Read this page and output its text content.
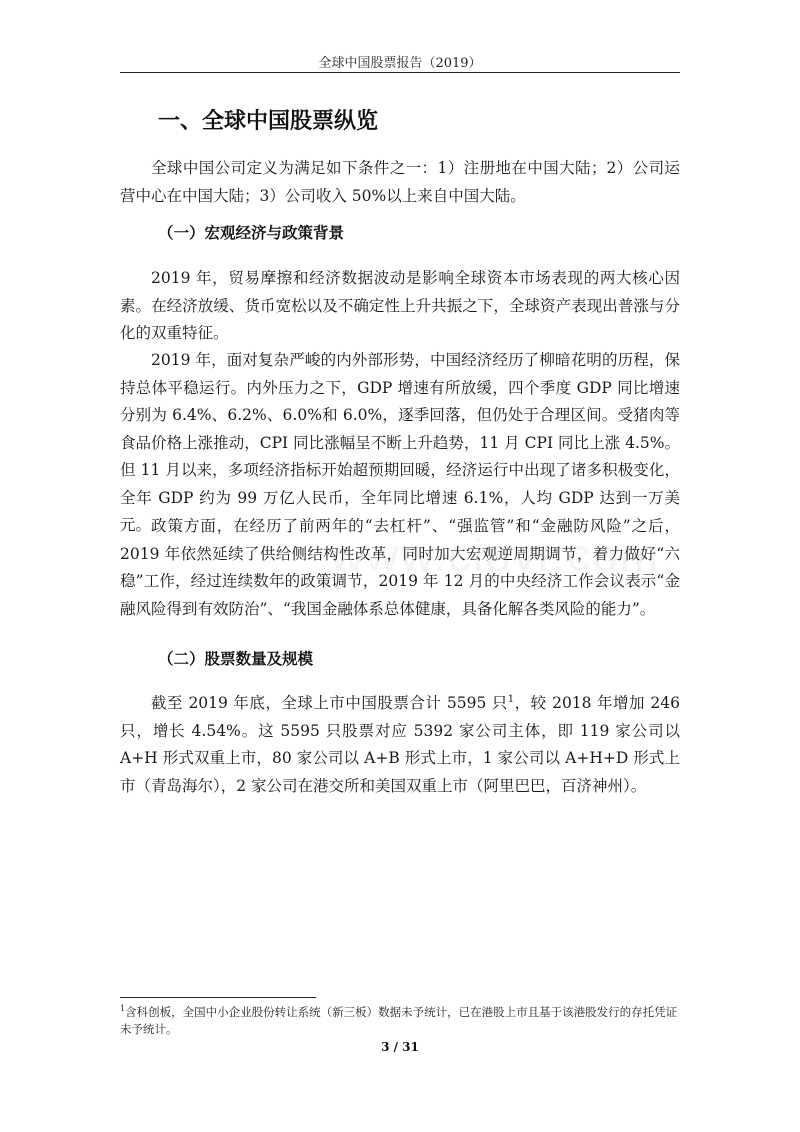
全球中国股票报告（2019）
一、全球中国股票纵览

全球中国公司定义为满足如下条件之一：1）注册地在中国大陆；2）公司运营中心在中国大陆；3）公司收入 50%以上来自中国大陆。

（一）宏观经济与政策背景

2019 年，贸易摩擦和经济数据波动是影响全球资本市场表现的两大核心因素。在经济放缓、货币宽松以及不确定性上升共振之下，全球资产表现出普涨与分化的双重特征。

2019 年，面对复杂严峻的内外部形势，中国经济经历了柳暗花明的历程，保持总体平稳运行。内外压力之下，GDP 增速有所放缓，四个季度 GDP 同比增速分别为 6.4%、6.2%、6.0%和 6.0%，逐季回落，但仍处于合理区间。受猪肉等食品价格上涨推动，CPI 同比涨幅呈不断上升趋势，11 月 CPI 同比上涨 4.5%。但 11 月以来，多项经济指标开始超预期回暖，经济运行中出现了诸多积极变化，全年 GDP 约为 99 万亿人民币，全年同比增速 6.1%，人均 GDP 达到一万美元。 政策方面，在经历了前两年的“去杠杆”、“强监管”和“金融防风险”之后，2019 年依然延续了供给侧结构性改革，同时加大宏观逆周期调节，着力做好“六稳”工作，经过连续数年的政策调节，2019 年 12 月的中央经济工作会议表示“金融风险得到有效防治”、“我国金融体系总体健康，具备化解各类风险的能力”。

（二）股票数量及规模

截至 2019 年底，全球上市中国股票合计 5595 只$^1$，较 2018 年增加 246 只，增长 4.54%。这 5595 只股票对应 5392 家公司主体，即 119 家公司以 A+H 形式双重上市，80 家公司以 A+B 形式上市，1 家公司以 A+H+D 形式上市（青岛海尔），2 家公司在港交所和美国双重上市（阿里巴巴，百济神州）。

$^1$含科创板，全国中小企业股份转让系统（新三板）数据未予统计，已在港股上市且基于该港股发行的存托凭证未予统计。

3 / 31
